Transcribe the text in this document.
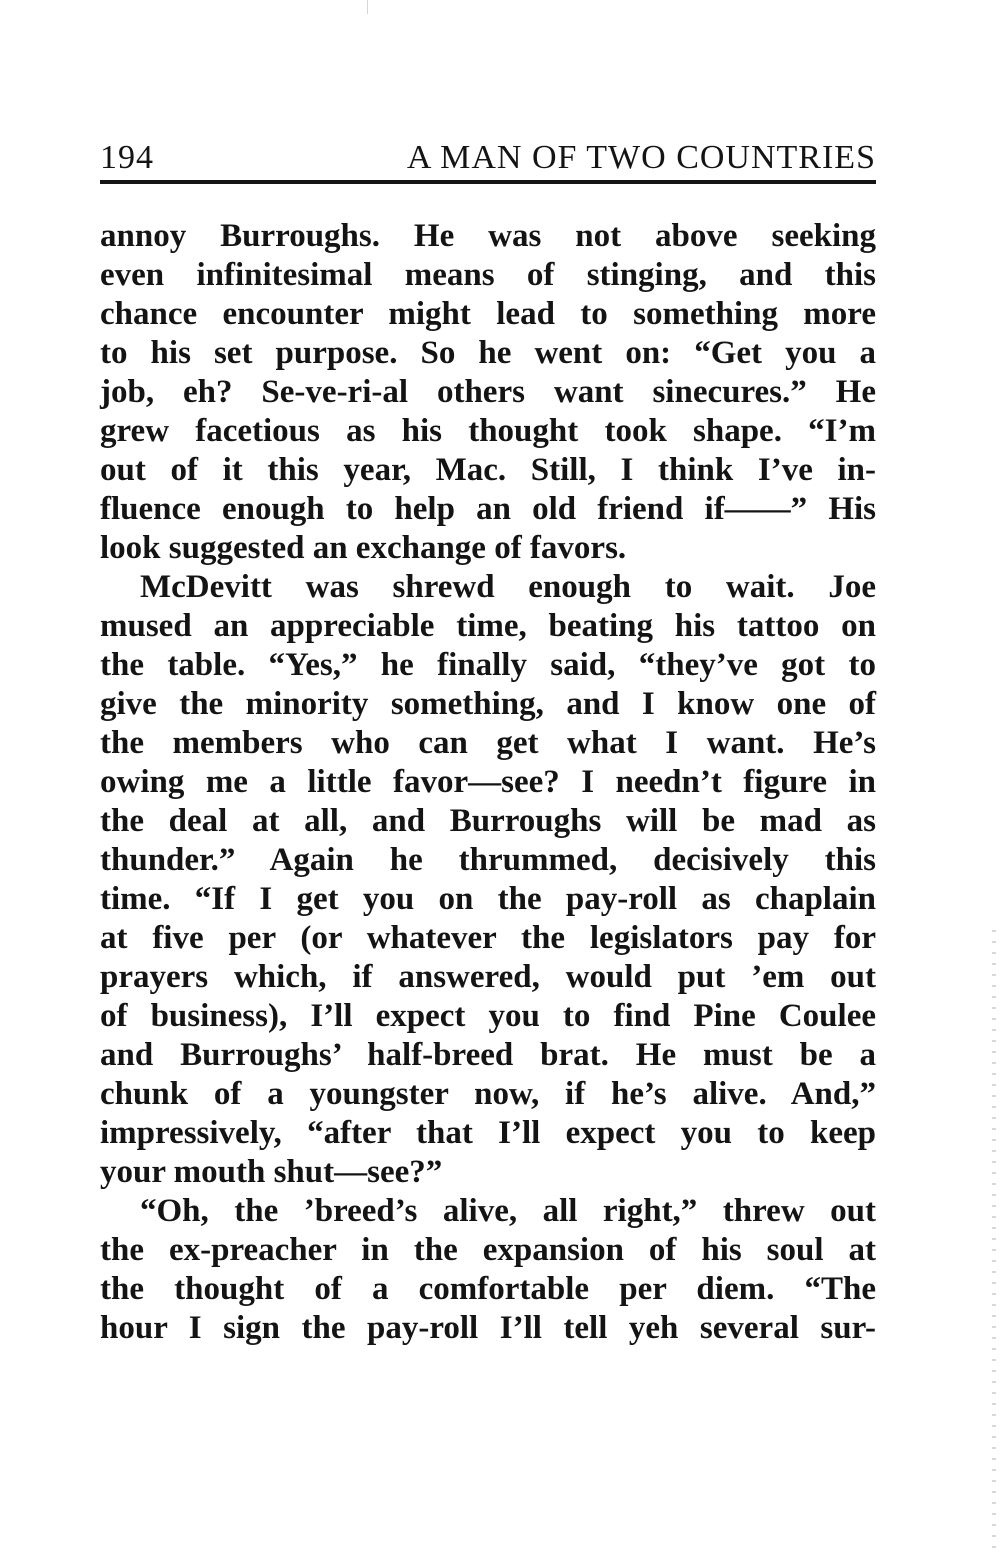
194	A MAN OF TWO COUNTRIES
annoy Burroughs. He was not above seeking
even infinitesimal means of stinging, and this
chance encounter might lead to something more
to his set purpose. So he went on: “Get you a
job, eh? Se-ve-ri-al others want sinecures.” He
grew facetious as his thought took shape. “I’m
out of it this year, Mac. Still, I think I’ve in-
fluence enough to help an old friend if——” His
look suggested an exchange of favors.
McDevitt was shrewd enough to wait. Joe
mused an appreciable time, beating his tattoo on
the table. “Yes,” he finally said, “they’ve got to
give the minority something, and I know one of
the members who can get what I want. He’s
owing me a little favor—see? I needn’t figure in
the deal at all, and Burroughs will be mad as
thunder.” Again he thrummed, decisively this
time. “If I get you on the pay-roll as chaplain
at five per (or whatever the legislators pay for
prayers which, if answered, would put ’em out
of business), I’ll expect you to find Pine Coulee
and Burroughs’ half-breed brat. He must be a
chunk of a youngster now, if he’s alive. And,”
impressively, “after that I’ll expect you to keep
your mouth shut—see?”
“Oh, the ’breed’s alive, all right,” threw out
the ex-preacher in the expansion of his soul at
the thought of a comfortable per diem. “The
hour I sign the pay-roll I’ll tell yeh several sur-
